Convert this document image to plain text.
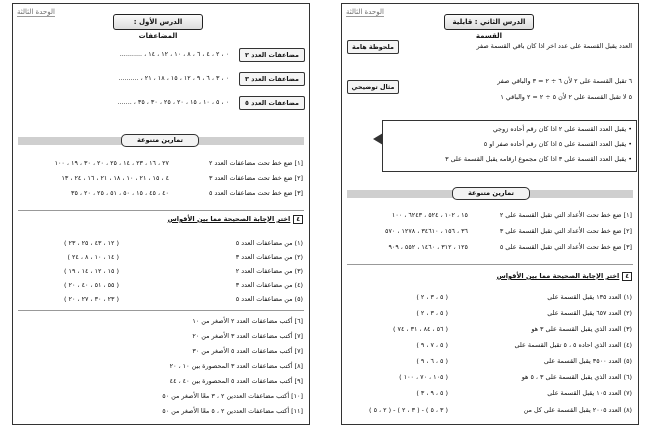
الوحدة الثالثة
الدرس الأول : المضاعفات
مضاعفات العدد ٢
٠ ، ٢ ، ٤ ، ٦ ، ٨ ، ١٠ ، ١٢ ، ١٤ ، ...........
مضاعفات العدد ٣
٠ ، ٣ ، ٦ ، ٩ ، ١٢ ، ١٥ ، ١٨ ، ٢١ ، ..........
مضاعفات العدد ٥
٠ ، ٥ ، ١٠ ، ١٥ ، ٢٠ ، ٢٥ ، ٣٠ ، ٣٥ ، .......
تمارين متنوعة
[١] ضع خط تحت مضاعفات العدد ٢
٢٧ ، ١٦ ، ٢٣ ، ١٤ ، ٢٥ ، ٢٠ ، ٣٠ ، ١٩ ، ١٠٠
[٢] ضع خط تحت مضاعفات العدد ٣
٤ ، ١٥ ، ٢١ ، ١٠ ، ١٨ ، ٢١ ، ١٦ ، ٢٤ ، ١٣
[٣] ضع خط تحت مضاعفات العدد ٥
٤٠ ، ٤٥ ، ١٥ ، ٥٠ ، ٥١ ، ٢٥ ، ٢٠ ، ٣٥
٤اختر الإجابة الصحيحة مما بين الأقواس
(١) من مضاعفات العدد ٥
( ١٢ ، ٤٣ ، ٢٥ ، ٢٣ )
(٢) من مضاعفات العدد ٣
( ١٤ ، ١٠ ، ٨ ، ٢٤ )
(٣) من مضاعفات العدد ٢
( ١٥ ، ١٢ ، ١٤ ، ١٩ )
(٤) من مضاعفات العدد ٣
( ٥٥ ، ٥١ ، ٤٠ ، ٢٠ )
(٥) من مضاعفات العدد ٥
( ٢٣ ، ٣٠ ، ٢٧ ، ٢٠ )
[٦] أكتب مضاعفات العدد ٢ الأصغر من ١٠
[٧] أكتب مضاعفات العدد ٣ الأصغر من ٢٠
[٧] أكتب مضاعفات العدد ٥ الأصغر من ٣٠
[٨] أكتب مضاعفات العدد ٣ المحصورة بين ١٠ ، ٢٠
[٩] أكتب مضاعفات العدد ٥ المحصورة بين ٤٠ ، ٤٤
[١٠] أكتب مضاعفات العددين ٢ ، ٣ معًا الأصغر من ٥٠
[١١] أكتب مضاعفات العددين ٢ ، ٥ معًا الأصغر من ٥٠
الوحدة الثالثة
الدرس الثاني : قابلية القسمة
ملحوظة هامة	العدد يقبل القسمة على عدد اخر اذا كان باقي القسمة صفر
مثال توضيحي
٦ تقبل القسمة على ٢ لأن ٦ ÷ ٢ = ٣ والباقي صفر
٥ لا تقبل القسمة على ٢ لأن ٥ ÷ ٢ = ٢ والباقي ١
• يقبل العدد القسمة على ٢ اذا كان رقم أحاده زوجي
• يقبل العدد القسمة على ٥ اذا كان رقم أحاده صفر او ٥
• يقبل العدد القسمة على ٣ اذا كان مجموع ارقامه يقبل القسمة على ٣
تمارين متنوعة
[١] ضع خط تحت الأعداد التي تقبل القسمة على ٢
١٥ ، ١٠٢ ، ٥٢٤ ، ٦٢٤٣ ، ١٠٠
[٢] ضع خط تحت الأعداد التي تقبل القسمة على ٣
٣٦ ، ١٥٦ ، ٣٤٦١٠ ، ١٢٧٨ ، ٥٧٠
[٣] ضع خط تحت الأعداد التي تقبل القسمة على ٥
١٢٥ ، ٣١٢ ، ١٤٦٠ ، ٥٥٢ ، ٩٠٩
٤اختر الإجابة الصحيحة مما بين الأقواس
(١) العدد ١٣٥ يقبل القسمة على
( ٥ ، ٣ ، ٢ )
(٢) العدد ٦٥٧ يقبل القسمة على
( ٥ ، ٣ ، ٢ )
(٣) العدد الذي يقبل القسمة على ٣ هو
( ٥٦ ، ٨٤ ، ٣١ ، ٧٤ )
(٤) العدد الذي احاده ٥ ، ٥ تقبل القسمة على
( ٥ ، ٧ ، ٩ )
(٥) العدد ٣٥٠٠ يقبل القسمة على
( ٥ ، ٦ ، ٩ )
(٦) العدد الذي يقبل القسمة على ٣ ، ٥ هو
( ١٠٥ ، ٧٠ ، ١٠٠ )
(٧) العدد ١٠٥ يقبل القسمة على
( ٥ ، ٩ ، ٣ )
(٨) العدد ٢٠٠٥ يقبل القسمة على كل من
( ٣ ، ٥ ) - ( ٣ ، ٢ ) - ( ٢ ، ٥ )
